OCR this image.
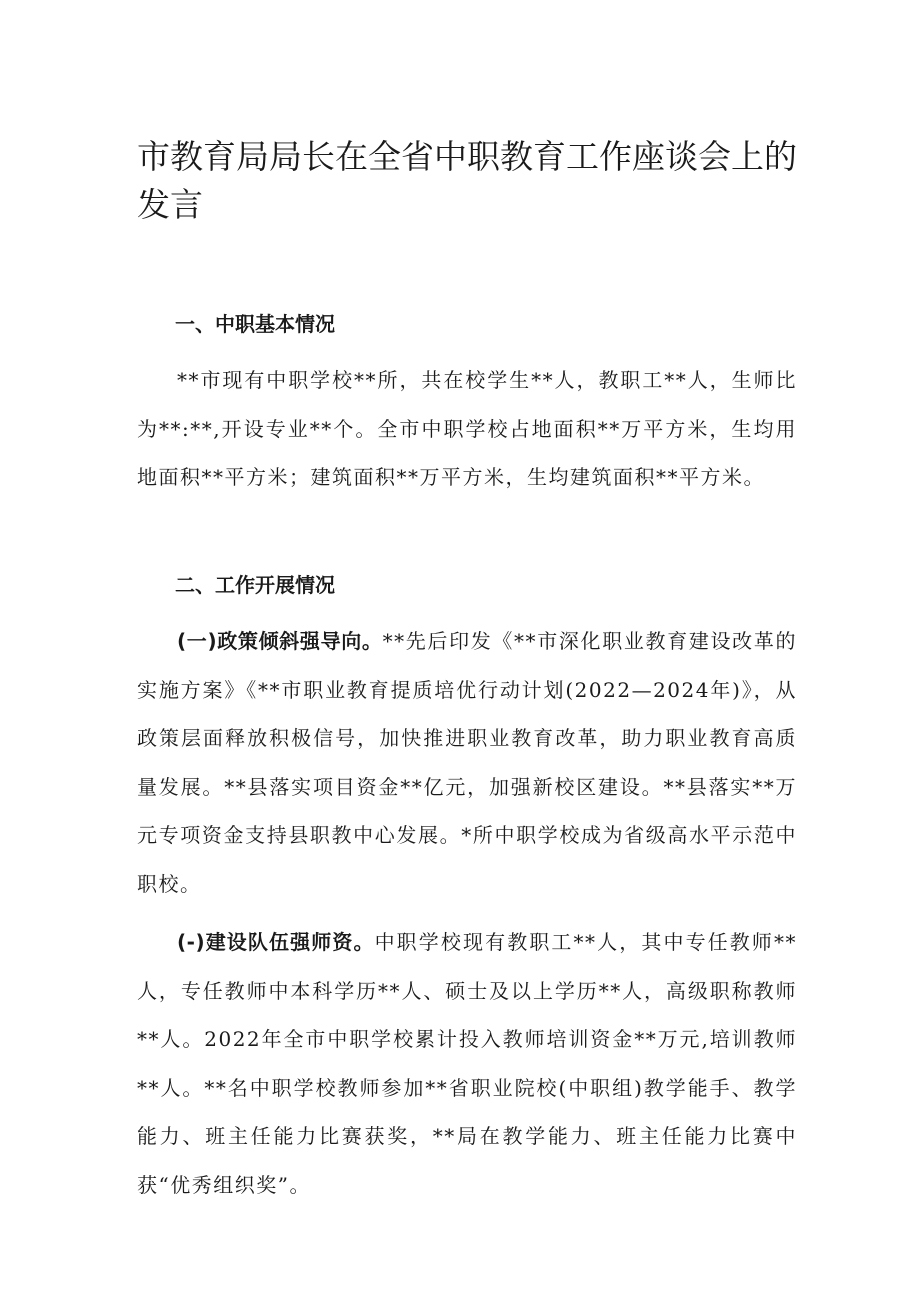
市教育局局长在全省中职教育工作座谈会上的发言
一、中职基本情况

**市现有中职学校**所，共在校学生**人，教职工**人，生师比为**:**,开设专业**个。全市中职学校占地面积**万平方米，生均用地面积**平方米；建筑面积**万平方米，生均建筑面积**平方米。

二、工作开展情况

(一)政策倾斜强导向。**先后印发《**市深化职业教育建设改革的实施方案》《**市职业教育提质培优行动计划(2022—2024年)》，从政策层面释放积极信号，加快推进职业教育改革，助力职业教育高质量发展。**县落实项目资金**亿元，加强新校区建设。**县落实**万元专项资金支持县职教中心发展。*所中职学校成为省级高水平示范中职校。

(-)建设队伍强师资。中职学校现有教职工**人，其中专任教师**人，专任教师中本科学历**人、硕士及以上学历**人，高级职称教师**人。2022年全市中职学校累计投入教师培训资金**万元,培训教师**人。**名中职学校教师参加**省职业院校(中职组)教学能手、教学能力、班主任能力比赛获奖，**局在教学能力、班主任能力比赛中获“优秀组织奖”。
